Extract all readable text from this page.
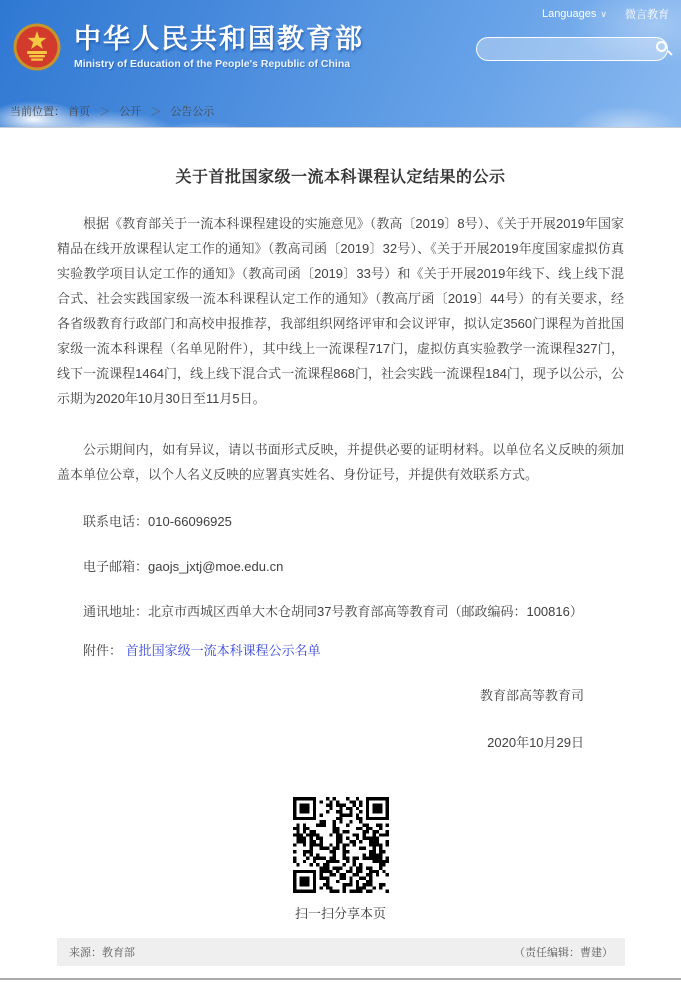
Languages ∨ 微言教育
中华人民共和国教育部
Ministry of Education of the People's Republic of China
当前位置： 首页 ＞ 公开 ＞ 公告公示
关于首批国家级一流本科课程认定结果的公示

根据《教育部关于一流本科课程建设的实施意见》（教高〔2019〕8号）、《关于开展2019年国家精品在线开放课程认定工作的通知》（教高司函〔2019〕32号）、《关于开展2019年度国家虚拟仿真实验教学项目认定工作的通知》（教高司函〔2019〕33号）和《关于开展2019年线下、线上线下混合式、社会实践国家级一流本科课程认定工作的通知》（教高厅函〔2019〕44号）的有关要求，经各省级教育行政部门和高校申报推荐，我部组织网络评审和会议评审，拟认定3560门课程为首批国家级一流本科课程（名单见附件），其中线上一流课程717门，虚拟仿真实验教学一流课程327门，线下一流课程1464门，线上线下混合式一流课程868门，社会实践一流课程184门，现予以公示，公示期为2020年10月30日至11月5日。

公示期间内，如有异议，请以书面形式反映，并提供必要的证明材料。以单位名义反映的须加盖本单位公章，以个人名义反映的应署真实姓名、身份证号，并提供有效联系方式。

联系电话：010-66096925

电子邮箱：gaojs_jxtj@moe.edu.cn

通讯地址：北京市西城区西单大木仓胡同37号教育部高等教育司（邮政编码：100816）

附件： 首批国家级一流本科课程公示名单

教育部高等教育司
2020年10月29日
扫一扫分享本页
来源：教育部	（责任编辑：曹建）
